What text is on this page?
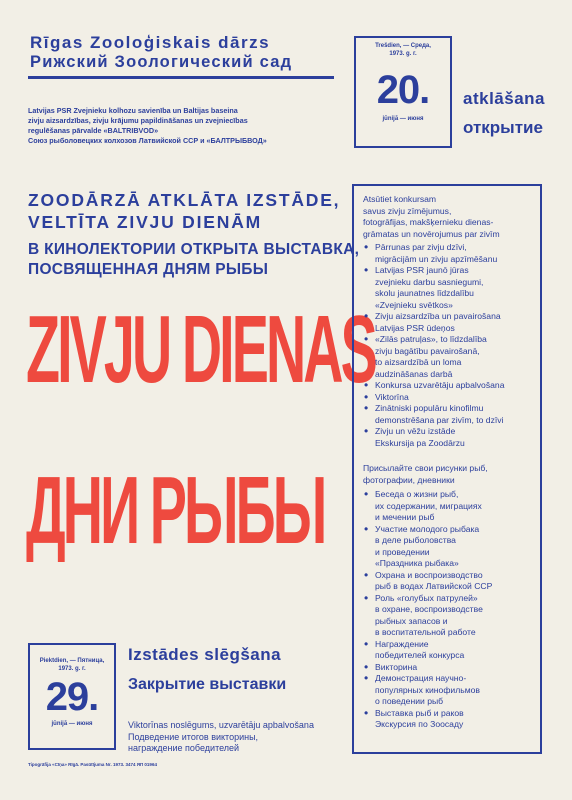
Rīgas Zooloģiskais dārzs
Рижский Зоологический сад
Latvijas PSR Zvejnieku kolhozu savienība un Baltijas baseina
zivju aizsardzības, zivju krājumu papildināšanas un zvejniecības
regulēšanas pārvalde «BALTRIBVOD»
Союз рыболовецких колхозов Латвийской ССР и «БАЛТРЫБВОД»
Trešdien, — Среда,
1973. g. г.
20.
jūnijā — июня
atklāšana
открытие
ZOODĀRZĀ ATKLĀTA IZSTĀDE,
VELTĪTA ZIVJU DIENĀM
В КИНОЛЕКТОРИИ ОТКРЫТА ВЫСТАВКА,
ПОСВЯЩЕННАЯ ДНЯМ РЫБЫ
ZIVJU DIENAS
ДНИ РЫБЫ
Atsūtiet konkursam
savus zivju zīmējumus,
fotogrāfijas, makšķernieku dienas-
grāmatas un novērojumus par zivīm
• Pārrunas par zivju dzīvi,
migrācijām un zivju apzīmēšanu
• Latvijas PSR jaunō jūras
zvejnieku darbu sasniegumi,
skolu jaunatnes līdzdalību
«Zvejnieku svētkos»
• Zivju aizsardzība un pavairošana
Latvijas PSR ūdeņos
• «Zilās patruļas», to līdzdalība
zivju bagātību pavairošanā,
to aizsardzībā un loma
audzināšanas darbā
• Konkursa uzvarētāju apbalvošana
• Viktorīna
• Zinātniski populāru kinofilmu
demonstrēšana par zivīm, to dzīvi
• Zivju un vēžu izstāde
Ekskursija pa Zoodārzu
Присылайте свои рисунки рыб,
фотографии, дневники
• Беседа о жизни рыб,
их содержании, миграциях
и мечении рыб
• Участие молодого рыбака
в деле рыболовства
и проведении
«Праздника рыбака»
• Охрана и воспроизводство
рыб в водах Латвийской ССР
• Роль «голубых патрулей»
в охране, воспроизводстве
рыбных запасов и
в воспитательной работе
• Награждение
победителей конкурса
• Викторина
• Демонстрация научно-
популярных кинофильмов
о поведении рыб
• Выставка рыб и раков
Экскурсия по Зоосаду
Piektdien, — Пятница,
1973. g. г.
29.
jūnijā — июня
Izstādes slēgšana
Закрытие выставки
Viktorīnas noslēgums, uzvarētāju apbalvošana
Подведение итогов викторины,
награждение победителей
Tipogrāfija «Cīņa» Rīgā. Pasūtījuma Nr. 1973. 3474 ЯП 01964
